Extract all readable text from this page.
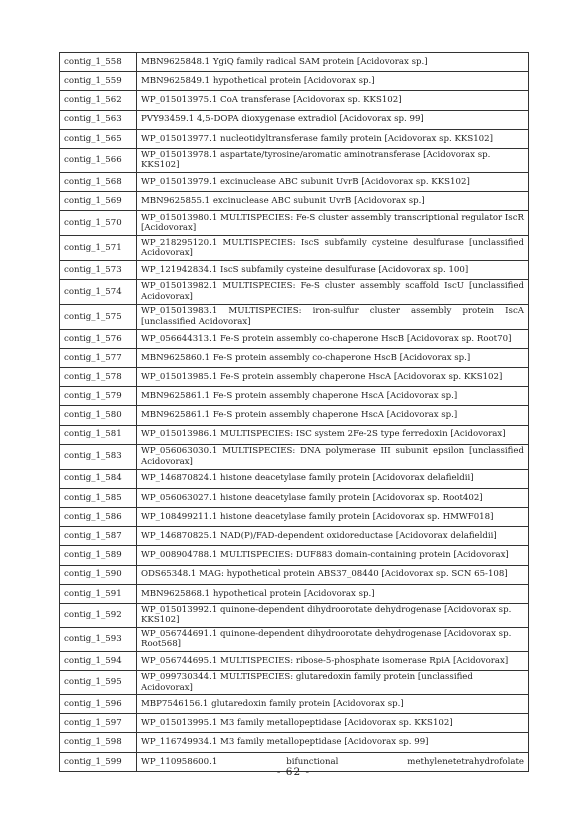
contig_1_558	MBN9625848.1 YgiQ family radical SAM protein [Acidovorax sp.]
contig_1_559	MBN9625849.1 hypothetical protein [Acidovorax sp.]
contig_1_562	WP_015013975.1 CoA transferase [Acidovorax sp. KKS102]
contig_1_563	PVY93459.1 4,5-DOPA dioxygenase extradiol [Acidovorax sp. 99]
contig_1_565	WP_015013977.1 nucleotidyltransferase family protein [Acidovorax sp. KKS102]
contig_1_566	WP_015013978.1 aspartate/tyrosine/aromatic aminotransferase [Acidovorax sp. KKS102]
contig_1_568	WP_015013979.1 excinuclease ABC subunit UvrB [Acidovorax sp. KKS102]
contig_1_569	MBN9625855.1 excinuclease ABC subunit UvrB [Acidovorax sp.]
contig_1_570	WP_015013980.1 MULTISPECIES: Fe-S cluster assembly transcriptional regulator IscR [Acidovorax]
contig_1_571	WP_218295120.1 MULTISPECIES: IscS subfamily cysteine desulfurase [unclassified Acidovorax]
contig_1_573	WP_121942834.1 IscS subfamily cysteine desulfurase [Acidovorax sp. 100]
contig_1_574	WP_015013982.1 MULTISPECIES: Fe-S cluster assembly scaffold IscU [unclassified Acidovorax]
contig_1_575	WP_015013983.1 MULTISPECIES: iron-sulfur cluster assembly protein IscA [unclassified Acidovorax]
contig_1_576	WP_056644313.1 Fe-S protein assembly co-chaperone HscB [Acidovorax sp. Root70]
contig_1_577	MBN9625860.1 Fe-S protein assembly co-chaperone HscB [Acidovorax sp.]
contig_1_578	WP_015013985.1 Fe-S protein assembly chaperone HscA [Acidovorax sp. KKS102]
contig_1_579	MBN9625861.1 Fe-S protein assembly chaperone HscA [Acidovorax sp.]
contig_1_580	MBN9625861.1 Fe-S protein assembly chaperone HscA [Acidovorax sp.]
contig_1_581	WP_015013986.1 MULTISPECIES: ISC system 2Fe-2S type ferredoxin [Acidovorax]
contig_1_583	WP_056063030.1 MULTISPECIES: DNA polymerase III subunit epsilon [unclassified Acidovorax]
contig_1_584	WP_146870824.1 histone deacetylase family protein [Acidovorax delafieldii]
contig_1_585	WP_056063027.1 histone deacetylase family protein [Acidovorax sp. Root402]
contig_1_586	WP_108499211.1 histone deacetylase family protein [Acidovorax sp. HMWF018]
contig_1_587	WP_146870825.1 NAD(P)/FAD-dependent oxidoreductase [Acidovorax delafieldii]
contig_1_589	WP_008904788.1 MULTISPECIES: DUF883 domain-containing protein [Acidovorax]
contig_1_590	ODS65348.1 MAG: hypothetical protein ABS37_08440 [Acidovorax sp. SCN 65-108]
contig_1_591	MBN9625868.1 hypothetical protein [Acidovorax sp.]
contig_1_592	WP_015013992.1 quinone-dependent dihydroorotate dehydrogenase [Acidovorax sp. KKS102]
contig_1_593	WP_056744691.1 quinone-dependent dihydroorotate dehydrogenase [Acidovorax sp. Root568]
contig_1_594	WP_056744695.1 MULTISPECIES: ribose-5-phosphate isomerase RpiA [Acidovorax]
contig_1_595	WP_099730344.1 MULTISPECIES: glutaredoxin family protein [unclassified Acidovorax]
contig_1_596	MBP7546156.1 glutaredoxin family protein [Acidovorax sp.]
contig_1_597	WP_015013995.1 M3 family metallopeptidase [Acidovorax sp. KKS102]
contig_1_598	WP_116749934.1 M3 family metallopeptidase [Acidovorax sp. 99]
contig_1_599	WP_110958600.1 bifunctional methylenetetrahydrofolate
- 62 -
